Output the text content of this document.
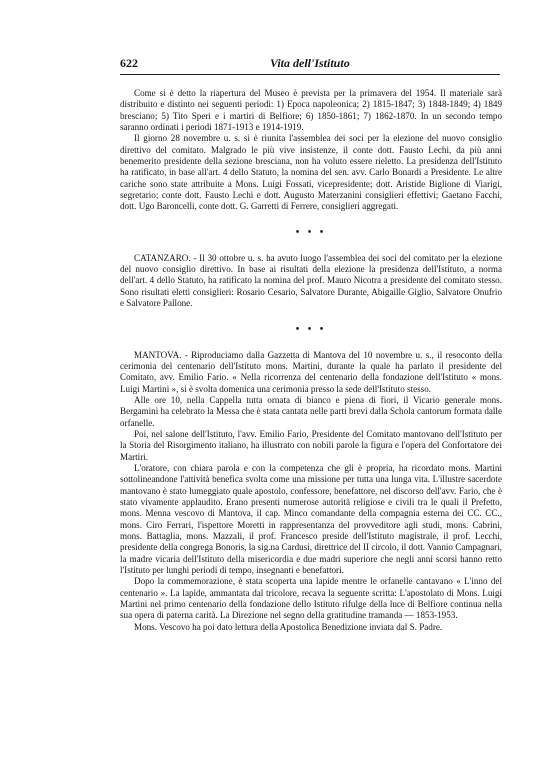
622	Vita dell'Istituto

Come si è detto la riapertura del Museo è prevista per la primavera del 1954. Il materiale sarà distribuito e distinto nei seguenti periodi: 1) Epoca napoleonica; 2) 1815-1847; 3) 1848-1849; 4) 1849 bresciano; 5) Tito Speri e i martiri di Belfiore; 6) 1850-1861; 7) 1862-1870. In un secondo tempo saranno ordinati i periodi 1871-1913 e 1914-1919.

Il giorno 28 novembre u. s. si è riunita l'assemblea dei soci per la elezione del nuovo consiglio direttivo del comitato. Malgrado le più vive insistenze, il conte dott. Fausto Lechi, da più anni benemerito presidente della sezione bresciana, non ha voluto essere rieletto. La presidenza dell'Istituto ha ratificato, in base all'art. 4 dello Statuto, la nomina del sen. avv. Carlo Bonardi a Presidente. Le altre cariche sono state attribuite a Mons. Luigi Fossati, vicepresidente; dott. Aristide Biglione di Viarigi, segretario; conte dott. Fausto Lechi e dott. Augusto Materzanini consiglieri effettivi; Gaetano Facchi, dott. Ugo Baroncelli, conte dott. G. Garretti di Ferrere, consiglieri aggregati.

• • •

CATANZARO. - Il 30 ottobre u. s. ha avuto luogo l'assemblea dei soci del comitato per la elezione del nuovo consiglio direttivo. In base ai risultati della elezione la presidenza dell'Istituto, a norma dell'art. 4 dello Statuto, ha ratificato la nomina del prof. Mauro Nicotra a presidente del comitato stesso. Sono risultati eletti consiglieri: Rosario Cesario, Salvatore Durante, Abigaille Giglio, Salvatore Onufrio e Salvatore Pallone.

• • •

MANTOVA. - Riproduciamo dalla Gazzetta di Mantova del 10 novembre u. s., il resoconto della cerimonia del centenario dell'Istituto mons. Martini, durante la quale ha parlato il presidente del Comitato, avv. Emilio Fario. « Nella ricorrenza del centenario della fondazione dell'Istituto « mons. Luigi Martini », si è svolta domenica una cerimonia presso la sede dell'Istituto stesso.

Alle ore 10, nella Cappella tutta ornata di bianco e piena di fiori, il Vicario generale mons. Bergamini ha celebrato la Messa che è stata cantata nelle parti brevi dalla Schola cantorum formata dalle orfanelle.

Poi, nel salone dell'Istituto, l'avv. Emilio Fario, Presidente del Comitato mantovano dell'Istituto per la Storia del Risorgimento italiano, ha illustrato con nobili parole la figura e l'opera del Confortatore dei Martiri.

L'oratore, con chiara parola e con la competenza che gli è propria, ha ricordato mons. Martini sottolineandone l'attività benefica svolta come una missione per tutta una lunga vita. L'illustre sacerdote mantovano è stato lumeggiato quale apostolo, confessore, benefattore, nel discorso dell'avv. Fario, che è stato vivamente applaudito. Erano presenti numerose autorità religiose e civili tra le quali il Prefetto, mons. Menna vescovo di Mantova, il cap. Minco comandante della compagnia esterna dei CC. CC., mons. Ciro Ferrari, l'ispettore Moretti in rappresentanza del provveditore agli studi, mons. Cabrini, mons. Battaglia, mons. Mazzali, il prof. Francesco preside dell'Istituto magistrale, il prof. Lecchi, presidente della congrega Bonoris, la sig.na Cardusi, direttrice del II circolo, il dott. Vannio Campagnari, la madre vicaria dell'Istituto della misericordia e due madri superiore che negli anni scorsi hanno retto l'Istituto per lunghi periodi di tempo, insegnanti e benefattori.

Dopo la commemorazione, è stata scoperta una lapide mentre le orfanelle cantavano « L'inno del centenario ». La lapide, ammantata dal tricolore, recava la seguente scritta: L'apostolato di Mons. Luigi Martini nel primo centenario della fondazione dello Istituto rifulge della luce di Belfiore continua nella sua opera di paterna carità. La Direzione nel segno della gratitudine tramanda — 1853-1953.

Mons. Vescovo ha poi dato lettura della Apostolica Benedizione inviata dal S. Padre.
